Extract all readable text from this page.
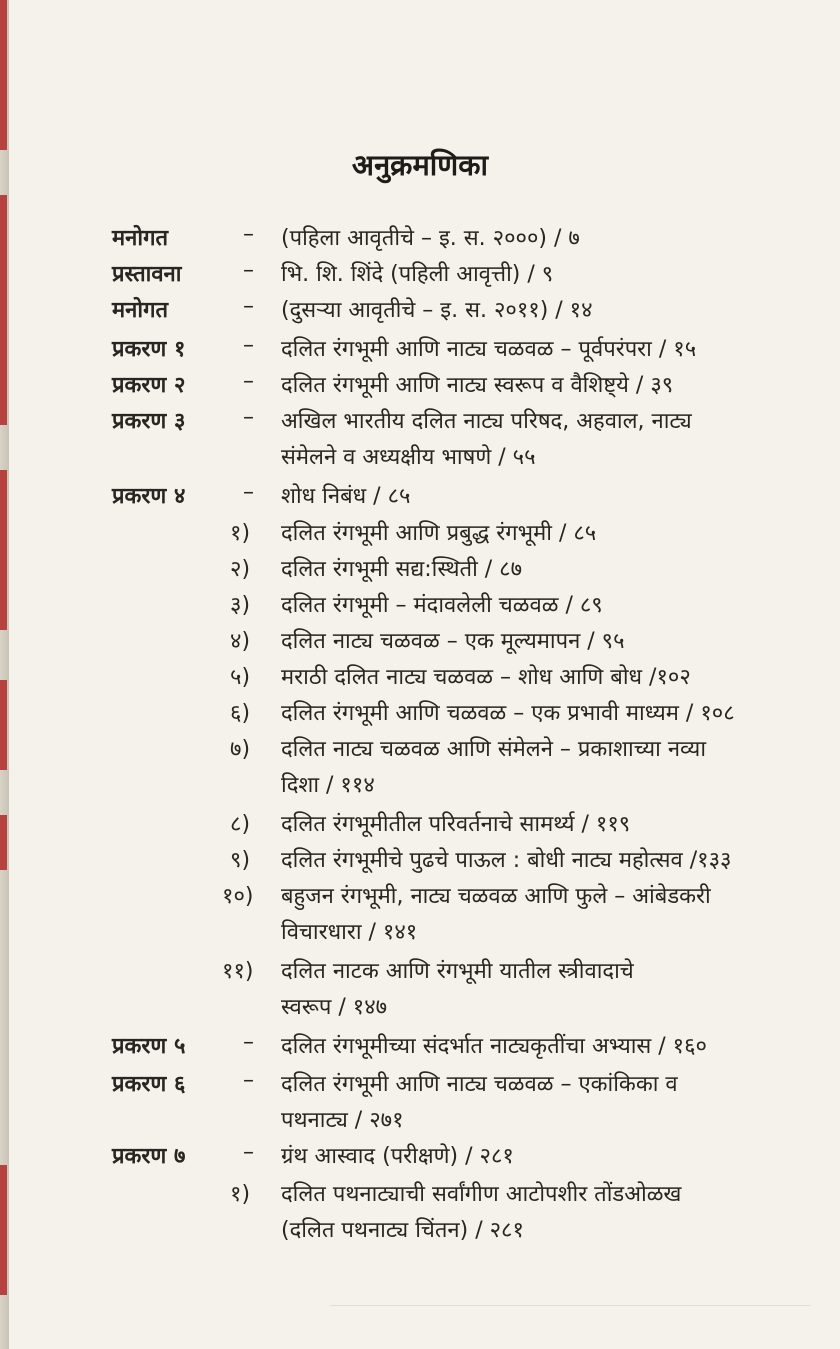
अनुक्रमणिका
मनोगत	– (पहिला आवृतीचे – इ. स. २०००) / ७
प्रस्तावना	– भि. शि. शिंदे (पहिली आवृत्ती) / ९
मनोगत	– (दुसऱ्या आवृतीचे – इ. स. २०११) / १४
प्रकरण १	– दलित रंगभूमी आणि नाट्य चळवळ – पूर्वपरंपरा / १५
प्रकरण २	– दलित रंगभूमी आणि नाट्य स्वरूप व वैशिष्ट्ये / ३९
प्रकरण ३	– अखिल भारतीय दलित नाट्य परिषद, अहवाल, नाट्य
संमेलने व अध्यक्षीय भाषणे / ५५
प्रकरण ४	– शोध निबंध / ८५
१) दलित रंगभूमी आणि प्रबुद्ध रंगभूमी / ८५
२) दलित रंगभूमी सद्य:स्थिती / ८७
३) दलित रंगभूमी – मंदावलेली चळवळ / ८९
४) दलित नाट्य चळवळ – एक मूल्यमापन / ९५
५) मराठी दलित नाट्य चळवळ – शोध आणि बोध /१०२
६) दलित रंगभूमी आणि चळवळ – एक प्रभावी माध्यम / १०८
७) दलित नाट्य चळवळ आणि संमेलने – प्रकाशाच्या नव्या
दिशा / ११४
८) दलित रंगभूमीतील परिवर्तनाचे सामर्थ्य / ११९
९) दलित रंगभूमीचे पुढचे पाऊल : बोधी नाट्य महोत्सव /१३३
१०) बहुजन रंगभूमी, नाट्य चळवळ आणि फुले – आंबेडकरी
विचारधारा / १४१
११) दलित नाटक आणि रंगभूमी यातील स्त्रीवादाचे
स्वरूप / १४७
प्रकरण ५	– दलित रंगभूमीच्या संदर्भात नाट्यकृतींचा अभ्यास / १६०
प्रकरण ६	– दलित रंगभूमी आणि नाट्य चळवळ – एकांकिका व
पथनाट्य / २७१
प्रकरण ७	– ग्रंथ आस्वाद (परीक्षणे) / २८१
१) दलित पथनाट्याची सर्वांगीण आटोपशीर तोंडओळख
(दलित पथनाट्य चिंतन) / २८१
